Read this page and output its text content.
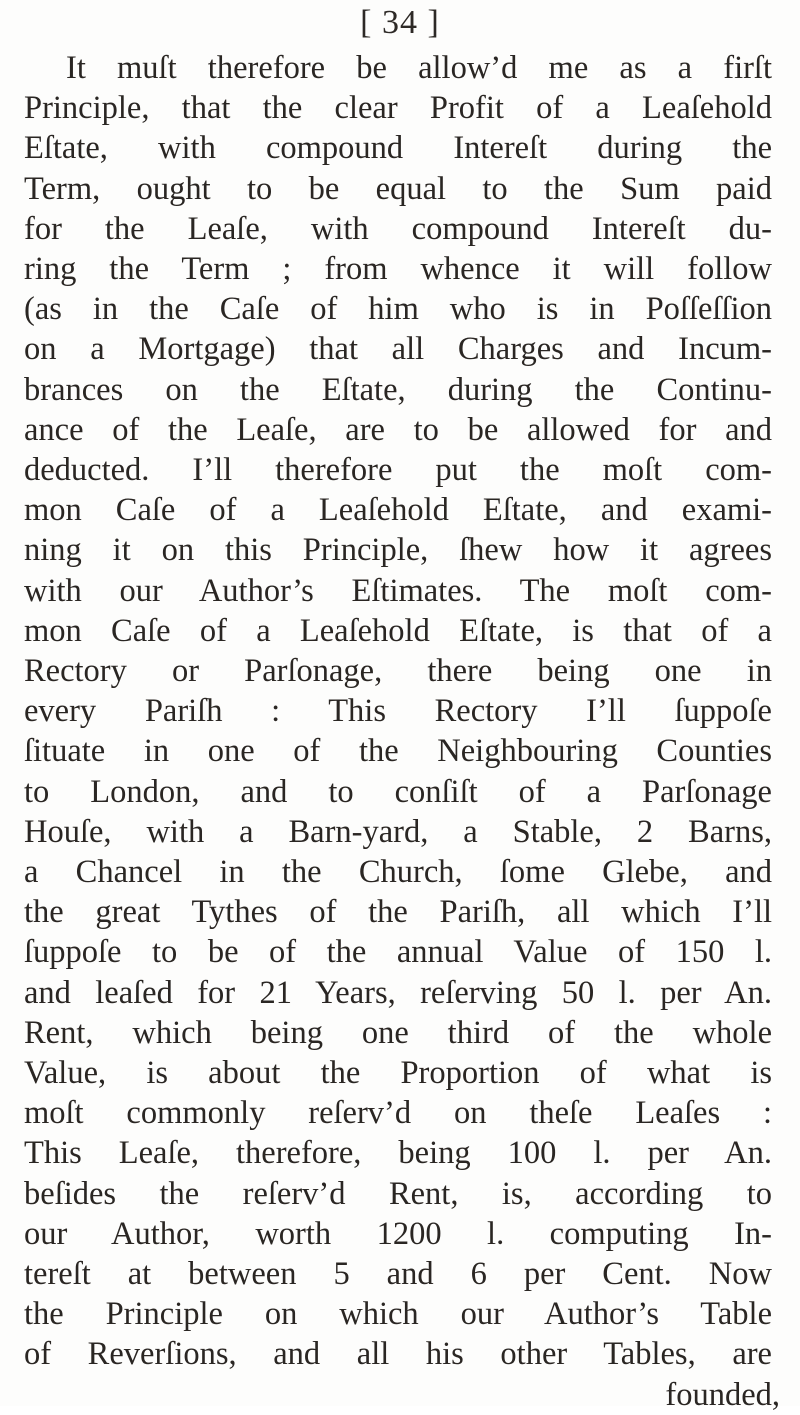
[ 34 ]
It muſt therefore be allow’d me as a firſt
Principle, that the clear Profit of a Leaſehold
Eſtate, with compound Intereſt during the
Term, ought to be equal to the Sum paid
for the Leaſe, with compound Intereſt du-
ring the Term ; from whence it will follow
(as in the Caſe of him who is in Poſſeſſion
on a Mortgage) that all Charges and Incum-
brances on the Eſtate, during the Continu-
ance of the Leaſe, are to be allowed for and
deducted. I’ll therefore put the moſt com-
mon Caſe of a Leaſehold Eſtate, and exami-
ning it on this Principle, ſhew how it agrees
with our Author’s Eſtimates. The moſt com-
mon Caſe of a Leaſehold Eſtate, is that of a
Rectory or Parſonage, there being one in
every Pariſh : This Rectory I’ll ſuppoſe
ſituate in one of the Neighbouring Counties
to London, and to conſiſt of a Parſonage
Houſe, with a Barn-yard, a Stable, 2 Barns,
a Chancel in the Church, ſome Glebe, and
the great Tythes of the Pariſh, all which I’ll
ſuppoſe to be of the annual Value of 150 l.
and leaſed for 21 Years, reſerving 50 l. per An.
Rent, which being one third of the whole
Value, is about the Proportion of what is
moſt commonly reſerv’d on theſe Leaſes :
This Leaſe, therefore, being 100 l. per An.
beſides the reſerv’d Rent, is, according to
our Author, worth 1200 l. computing In-
tereſt at between 5 and 6 per Cent. Now
the Principle on which our Author’s Table
of Reverſions, and all his other Tables, are
founded,
